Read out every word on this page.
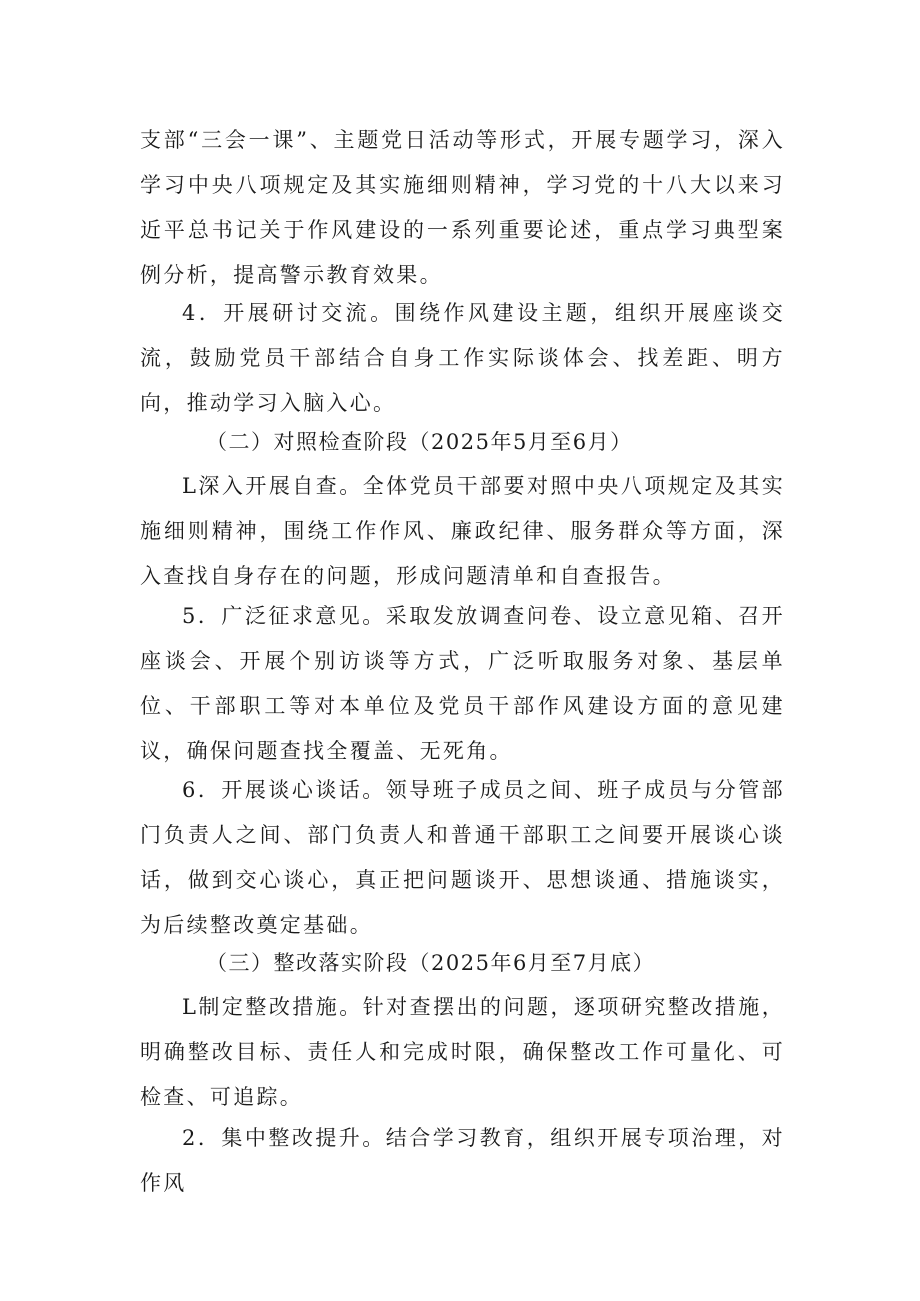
支部“三会一课”、主题党日活动等形式，开展专题学习，深入学习中央八项规定及其实施细则精神，学习党的十八大以来习近平总书记关于作风建设的一系列重要论述，重点学习典型案例分析，提高警示教育效果。

4．开展研讨交流。围绕作风建设主题，组织开展座谈交流，鼓励党员干部结合自身工作实际谈体会、找差距、明方向，推动学习入脑入心。

（二）对照检查阶段（2025年5月至6月）

L深入开展自查。全体党员干部要对照中央八项规定及其实施细则精神，围绕工作作风、廉政纪律、服务群众等方面，深入查找自身存在的问题，形成问题清单和自查报告。

5．广泛征求意见。采取发放调查问卷、设立意见箱、召开座谈会、开展个别访谈等方式，广泛听取服务对象、基层单位、干部职工等对本单位及党员干部作风建设方面的意见建议，确保问题查找全覆盖、无死角。

6．开展谈心谈话。领导班子成员之间、班子成员与分管部门负责人之间、部门负责人和普通干部职工之间要开展谈心谈话，做到交心谈心，真正把问题谈开、思想谈通、措施谈实，为后续整改奠定基础。

（三）整改落实阶段（2025年6月至7月底）

L制定整改措施。针对查摆出的问题，逐项研究整改措施，明确整改目标、责任人和完成时限，确保整改工作可量化、可检查、可追踪。

2．集中整改提升。结合学习教育，组织开展专项治理，对作风
